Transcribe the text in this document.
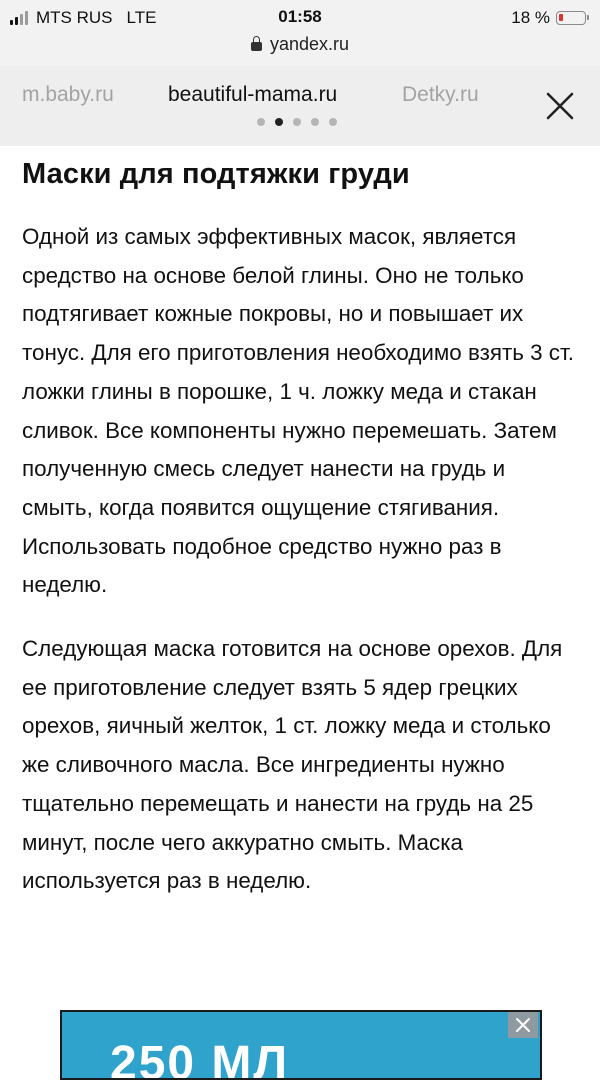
MTS RUS LTE	01:58	18 %
yandex.ru
m.baby.ru	beautiful-mama.ru	Detky.ru
Маски для подтяжки груди

Одной из самых эффективных масок, является средство на основе белой глины. Оно не только подтягивает кожные покровы, но и повышает их тонус. Для его приготовления необходимо взять 3 ст. ложки глины в порошке, 1 ч. ложку меда и стакан сливок. Все компоненты нужно перемешать. Затем полученную смесь следует нанести на грудь и смыть, когда появится ощущение стягивания. Использовать подобное средство нужно раз в неделю.

Следующая маска готовится на основе орехов. Для ее приготовление следует взять 5 ядер грецких орехов, яичный желток, 1 ст. ложку меда и столько же сливочного масла. Все ингредиенты нужно тщательно перемещать и нанести на грудь на 25 минут, после чего аккуратно смыть. Маска используется раз в неделю.

250 МЛ
